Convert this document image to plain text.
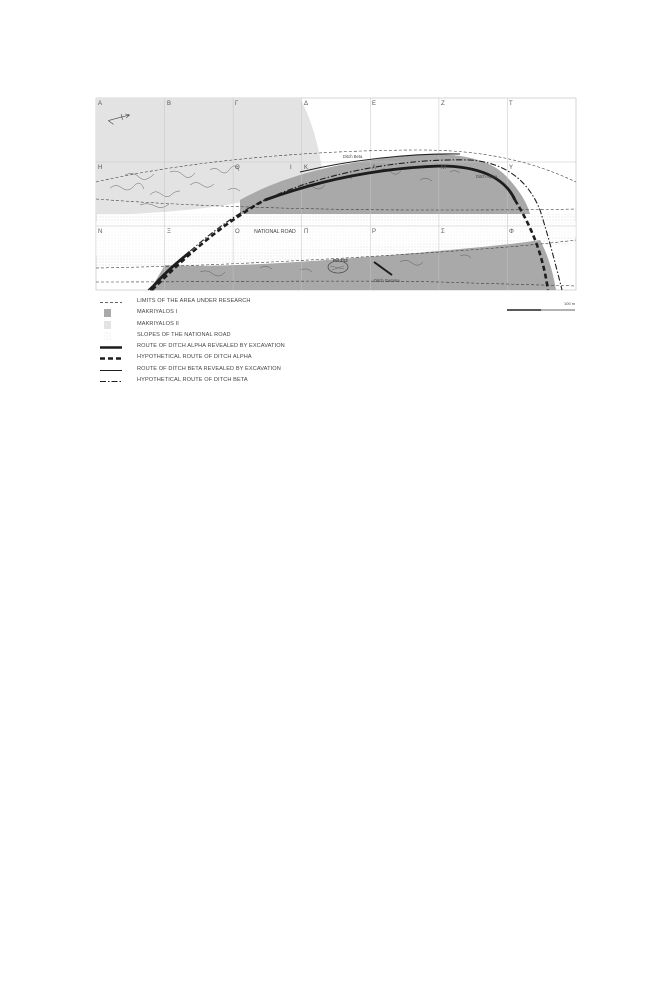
Α	Β	Γ	Δ	Ε	Ζ	Τ
Η	Θ	Ι Κ	Λ	Μ	Υ
Ν	Ξ	Ο	Π	Ρ	Σ	Φ
Ditch Beta
Ditch Alpha
NATIONAL ROAD
Pit 212
Ditch Gamma
100 m
LIMITS OF THE AREA UNDER RESEARCH
MAKRIYALOS I
MAKRIYALOS II
SLOPES OF THE NATIONAL ROAD
ROUTE OF DITCH ALPHA REVEALED BY EXCAVATION
HYPOTHETICAL ROUTE OF DITCH ALPHA
ROUTE OF DITCH BETA REVEALED BY EXCAVATION
HYPOTHETICAL ROUTE OF DITCH BETA
